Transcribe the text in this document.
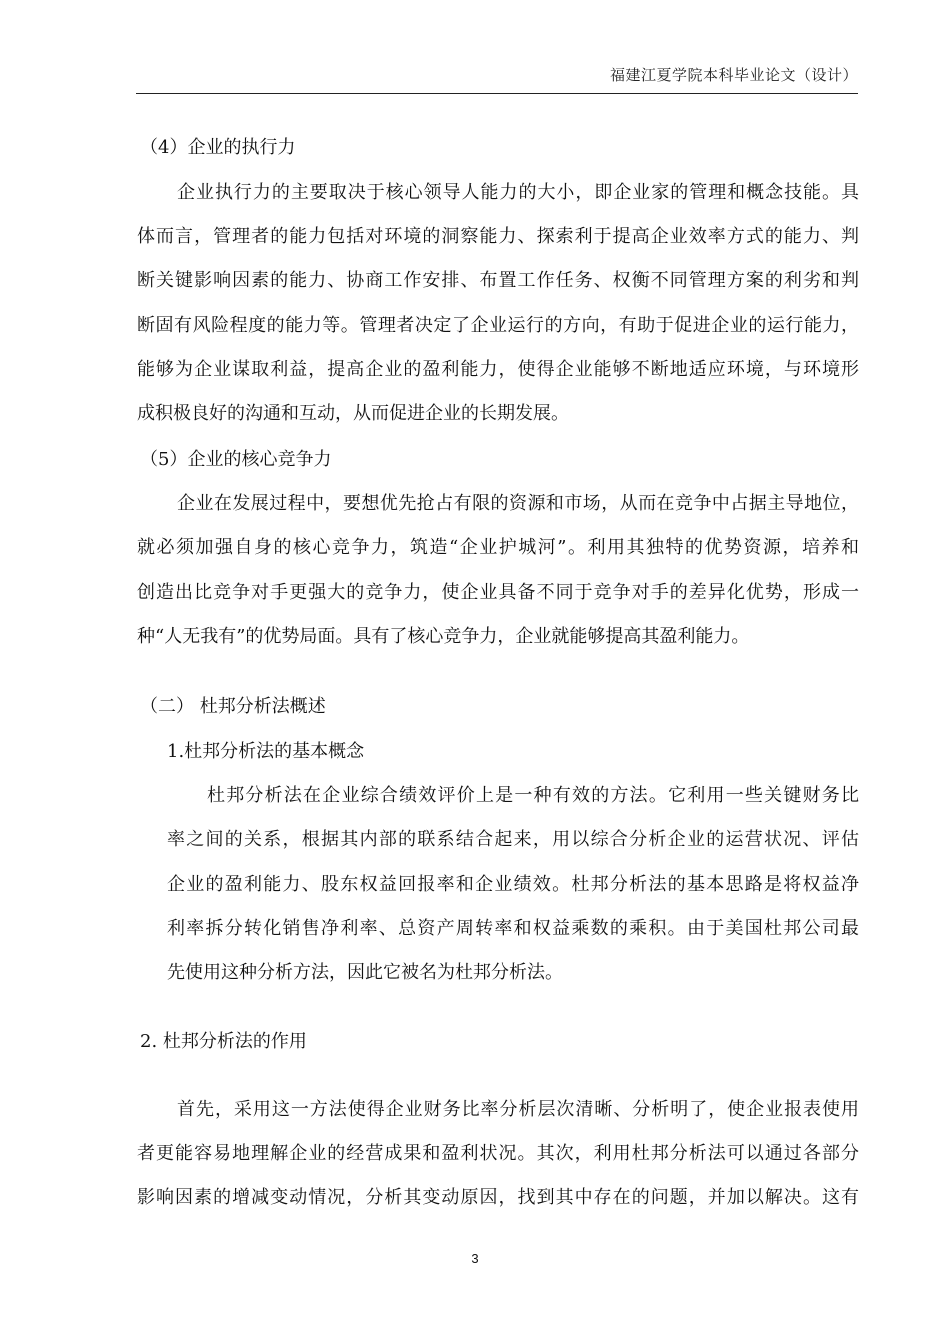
福建江夏学院本科毕业论文（设计）
（4）企业的执行力
企业执行力的主要取决于核心领导人能力的大小，即企业家的管理和概念技能。具
体而言，管理者的能力包括对环境的洞察能力、探索利于提高企业效率方式的能力、判
断关键影响因素的能力、协商工作安排、布置工作任务、权衡不同管理方案的利劣和判
断固有风险程度的能力等。管理者决定了企业运行的方向，有助于促进企业的运行能力，
能够为企业谋取利益，提高企业的盈利能力，使得企业能够不断地适应环境，与环境形
成积极良好的沟通和互动，从而促进企业的长期发展。
（5）企业的核心竞争力
企业在发展过程中，要想优先抢占有限的资源和市场，从而在竞争中占据主导地位，
就必须加强自身的核心竞争力，筑造“企业护城河”。利用其独特的优势资源，培养和
创造出比竞争对手更强大的竞争力，使企业具备不同于竞争对手的差异化优势，形成一
种“人无我有”的优势局面。具有了核心竞争力，企业就能够提高其盈利能力。
（二） 杜邦分析法概述
1.杜邦分析法的基本概念
杜邦分析法在企业综合绩效评价上是一种有效的方法。它利用一些关键财务比
率之间的关系，根据其内部的联系结合起来，用以综合分析企业的运营状况、评估
企业的盈利能力、股东权益回报率和企业绩效。杜邦分析法的基本思路是将权益净
利率拆分转化销售净利率、总资产周转率和权益乘数的乘积。由于美国杜邦公司最
先使用这种分析方法，因此它被名为杜邦分析法。
2. 杜邦分析法的作用
首先，采用这一方法使得企业财务比率分析层次清晰、分析明了，使企业报表使用
者更能容易地理解企业的经营成果和盈利状况。其次，利用杜邦分析法可以通过各部分
影响因素的增减变动情况，分析其变动原因，找到其中存在的问题，并加以解决。这有
3
